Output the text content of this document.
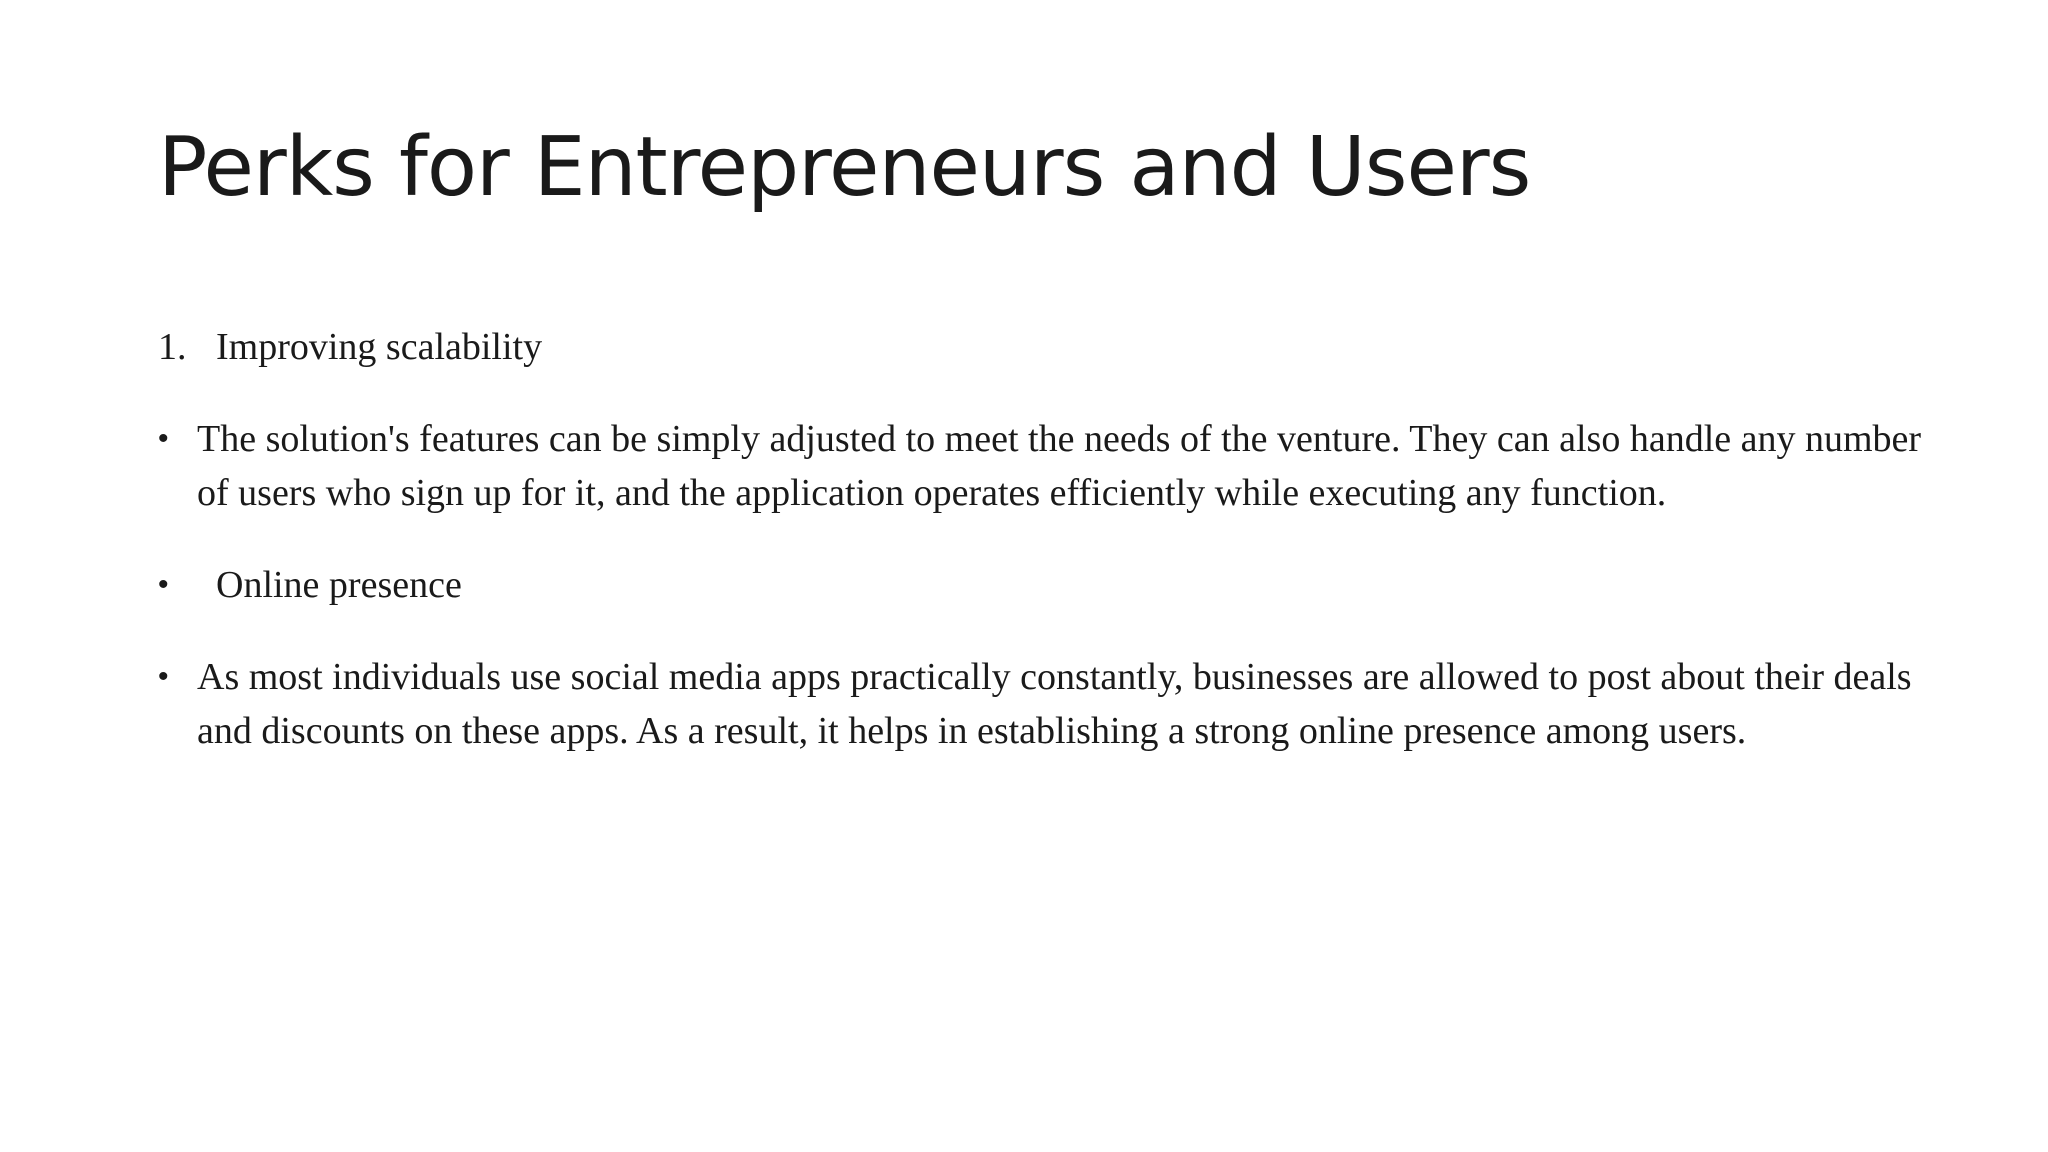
Perks for Entrepreneurs and Users
1. Improving scalability
• The solution's features can be simply adjusted to meet the needs of the venture. They can also handle any number of users who sign up for it, and the application operates efficiently while executing any function.
•	Online presence
• As most individuals use social media apps practically constantly, businesses are allowed to post about their deals and discounts on these apps. As a result, it helps in establishing a strong online presence among users.
